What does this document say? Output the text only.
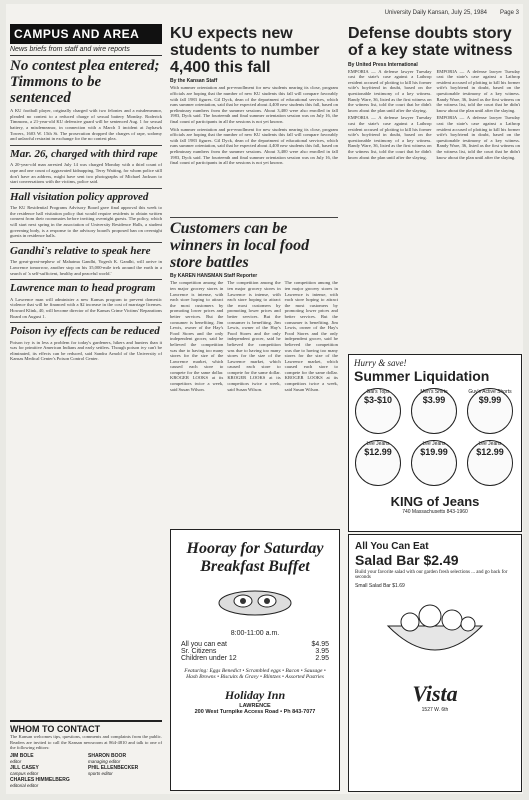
University Daily Kansan, July 25, 1984 Page 3
CAMPUS AND AREA
News briefs from staff and wire reports
No contest plea entered; Timmons to be sentenced

A KU football player, originally charged with two felonies and a misdemeanor, pleaded no contest to a reduced charge of sexual battery Monday. Roderick Timmons, a 21-year-old KU defensive guard will be sentenced Aug. 1 for sexual battery, a misdemeanor, in connection with a March 3 incident at Jayhawk Towers, 1603 W. 15th St. The prosecution dropped the charges of rape, sodomy and unlawful restraint in exchange for the no contest plea.

Mar. 26, charged with third rape

A 20-year-old man arrested July 14 was charged Monday with a third count of rape and one count of aggravated kidnapping. Terry Waiting, for whom police still don't have an address, might have sent two photographs of Michael Jackson to start conversations with the victims, police said.

Hall visitation policy approved

The KU Residential Programs Advisory Board gave final approval this week to the residence hall visitation policy that would require residents to obtain written consent from their roommates before inviting overnight guests. The policy, which will start next spring in the association of University Residence Halls, a student governing body, is a response to the advisory board's proposed ban on overnight guests in residence halls.

Gandhi's relative to speak here

The great-great-nephew of Mahatma Gandhi, Yogesh K. Gandhi, will arrive in Lawrence tomorrow, another stop on his 35,000-mile trek around the earth in a search of 'a self-sufficient, healthy and peaceful world.'

Lawrence man to head program

A Lawrence man will administer a new Kansas program to prevent domestic violence that will be financed with a $2 increase in the cost of marriage licenses. Howard Klink, 40, will become director of the Kansas Crime Victims' Reparations Board on August 1.

Poison ivy effects can be reduced

Poison ivy is in less a problem for today's gardeners, hikers and hunters than it was for primitive American Indians and early settlers. Though poison ivy can't be eliminated, its effects can be reduced, said Sandra Arnold of the University of Kansas Medical Center's Poison Control Center.

WHOM TO CONTACT

The Kansan welcomes tips, questions, comments and complaints from the public. Readers are invited to call the Kansan newsroom at 864-4810 and talk to one of the following editors:

JIM BOLE
editor
SHARON BOOR
managing editor
JILL CASEY
campus editor
PHIL ELLENBECKER
sports editor
CHARLES HIMMELBERG
editorial editor
KU expects new students to number 4,400 this fall
By the Kansan Staff

With summer orientation and pre-enrollment for new students nearing its close, program officials are hoping that the number of new KU students this fall will compare favorably with fall 1983 figures. Gil Dyck, dean of the department of educational services, which runs summer orientation, said that he expected about 4,400 new students this fall, based on preliminary numbers from the summer sessions. About 3,400 were also enrolled in fall 1983, Dyck said. The fourteenth and final summer orientation session was on July 16, the final count of participants in all the sessions is not yet known.

With summer orientation and pre-enrollment for new students nearing its close, program officials are hoping that the number of new KU students this fall will compare favorably with fall 1983 figures. Gil Dyck, dean of the department of educational services, which runs summer orientation, said that he expected about 4,400 new students this fall, based on preliminary numbers from the summer sessions. About 3,400 were also enrolled in fall 1983, Dyck said. The fourteenth and final summer orientation session was on July 16, the final count of participants in all the sessions is not yet known.

Customers can be winners in local food store battles
By KAREN HANSMAN Staff Reporter

The competition among the ten major grocery stores in Lawrence is intense, with each store hoping to attract the most customers by promoting lower prices and better services. But the consumer is benefiting. Jim Lewis, owner of the Hay's Food Stores and the only independent grocer, said he believed the competition was due to having too many stores for the size of the Lawrence market, which caused each store to compete for the same dollar. KROGER LOOKS at its competitors twice a week, said Susan Wilson.

The competition among the ten major grocery stores in Lawrence is intense, with each store hoping to attract the most customers by promoting lower prices and better services. But the consumer is benefiting. Jim Lewis, owner of the Hay's Food Stores and the only independent grocer, said he believed the competition was due to having too many stores for the size of the Lawrence market, which caused each store to compete for the same dollar. KROGER LOOKS at its competitors twice a week, said Susan Wilson.

The competition among the ten major grocery stores in Lawrence is intense, with each store hoping to attract the most customers by promoting lower prices and better services. But the consumer is benefiting. Jim Lewis, owner of the Hay's Food Stores and the only independent grocer, said he believed the competition was due to having too many stores for the size of the Lawrence market, which caused each store to compete for the same dollar. KROGER LOOKS at its competitors twice a week, said Susan Wilson.

Defense doubts story of a key state witness
By United Press International

EMPORIA — A defense lawyer Tuesday cast the state's case against a Lathrop resident accused of plotting to kill his former wife's boyfriend in doubt, based on the questionable testimony of a key witness. Randy Ware, 36, listed as the first witness on the witness list, told the court that he didn't know about the plan until after the slaying.

EMPORIA — A defense lawyer Tuesday cast the state's case against a Lathrop resident accused of plotting to kill his former wife's boyfriend in doubt, based on the questionable testimony of a key witness. Randy Ware, 36, listed as the first witness on the witness list, told the court that he didn't know about the plan until after the slaying.

EMPORIA — A defense lawyer Tuesday cast the state's case against a Lathrop resident accused of plotting to kill his former wife's boyfriend in doubt, based on the questionable testimony of a key witness. Randy Ware, 36, listed as the first witness on the witness list, told the court that he didn't know about the plan until after the slaying.

EMPORIA — A defense lawyer Tuesday cast the state's case against a Lathrop resident accused of plotting to kill his former wife's boyfriend in doubt, based on the questionable testimony of a key witness. Randy Ware, 36, listed as the first witness on the witness list, told the court that he didn't know about the plan until after the slaying.

Hooray for Saturday Breakfast Buffet
8:00-11:00 a.m.
All you can eat	$4.95
Sr. Citizens	3.95
Children under 12	2.95
Featuring: Eggs Benedict • Scrambled eggs • Bacon • Sausage • Hash Browns • Biscuits & Gravy • Blintzes • Assorted Pastries
Holiday Inn
LAWRENCE
200 West Turnpike Access Road • Ph 843-7077
Hurry & save!
Summer Liquidation
Gal's Tops
$3-$10
Men's Shirts
$3.99
Guy's Active Shorts
$9.99
Lee Jeans
$12.99
Lee Jeans
$19.99
Lee Jeans
$12.99
KING of Jeans
740 Massachusetts 843-1960
All You Can Eat
Salad Bar $2.49
Build your favorite salad with our garden fresh selections ... and go back for seconds
Small Salad Bar $1.69
Vista
1527 W. 6th
